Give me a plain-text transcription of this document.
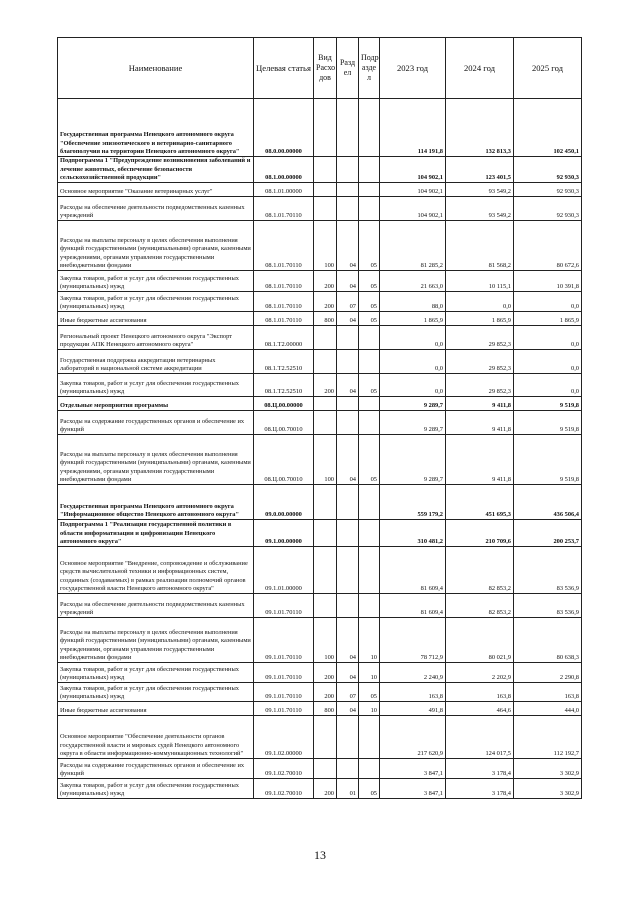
Наименование	Целевая статья	Вид Расхо дов	Разд ел	Подр азде л	2023 год	2024 год	2025 год
Государственная программа Ненецкого автономного округа "Обеспечение эпизоотического и ветеринарно-санитарного благополучия на территории Ненецкого автономного округа"	08.0.00.00000				114 191,8	132 813,3	102 450,1
Подпрограмма 1 "Предупреждение возникновения заболеваний и лечение животных, обеспечение безопасности сельскохозяйственной продукции"	08.1.00.00000				104 902,1	123 401,5	92 930,3
Основное мероприятие "Оказание ветеринарных услуг"	08.1.01.00000				104 902,1	93 549,2	92 930,3
Расходы на обеспечение деятельности подведомственных казенных учреждений	08.1.01.70110				104 902,1	93 549,2	92 930,3
Расходы на выплаты персоналу в целях обеспечения выполнения функций государственными (муниципальными) органами, казенными учреждениями, органами управления государственными внебюджетными фондами	08.1.01.70110	100	04	05	81 285,2	81 568,2	80 672,6
Закупка товаров, работ и услуг для обеспечения государственных (муниципальных) нужд	08.1.01.70110	200	04	05	21 663,0	10 115,1	10 391,8
Закупка товаров, работ и услуг для обеспечения государственных (муниципальных) нужд	08.1.01.70110	200	07	05	88,0	0,0	0,0
Иные бюджетные ассигнования	08.1.01.70110	800	04	05	1 865,9	1 865,9	1 865,9
Региональный проект Ненецкого автономного округа "Экспорт продукции АПК Ненецкого автономного округа"	08.1.Т2.00000				0,0	29 852,3	0,0
Государственная поддержка аккредитации ветеринарных лабораторий в национальной системе аккредитации	08.1.Т2.52510				0,0	29 852,3	0,0
Закупка товаров, работ и услуг для обеспечения государственных (муниципальных) нужд	08.1.Т2.52510	200	04	05	0,0	29 852,3	0,0
Отдельные мероприятия программы	08.Ц.00.00000				9 289,7	9 411,8	9 519,8
Расходы на содержание государственных органов и обеспечение их функций	08.Ц.00.70010				9 289,7	9 411,8	9 519,8
Расходы на выплаты персоналу в целях обеспечения выполнения функций государственными (муниципальными) органами, казенными учреждениями, органами управления государственными внебюджетными фондами	08.Ц.00.70010	100	04	05	9 289,7	9 411,8	9 519,8
Государственная программа Ненецкого автономного округа "Информационное общество Ненецкого автономного округа"	09.0.00.00000				559 179,2	451 695,3	436 506,4
Подпрограмма 1 "Реализация государственной политики в области информатизации и цифровизации Ненецкого автономного округа"	09.1.00.00000				310 481,2	210 709,6	200 253,7
Основное мероприятие "Внедрение, сопровождение и обслуживание средств вычислительной техники и информационных систем, созданных (создаваемых) в рамках реализации полномочий органов государственной власти Ненецкого автономного округа"	09.1.01.00000				81 609,4	82 853,2	83 536,9
Расходы на обеспечение деятельности подведомственных казенных учреждений	09.1.01.70110				81 609,4	82 853,2	83 536,9
Расходы на выплаты персоналу в целях обеспечения выполнения функций государственными (муниципальными) органами, казенными учреждениями, органами управления государственными внебюджетными фондами	09.1.01.70110	100	04	10	78 712,9	80 021,9	80 638,3
Закупка товаров, работ и услуг для обеспечения государственных (муниципальных) нужд	09.1.01.70110	200	04	10	2 240,9	2 202,9	2 290,8
Закупка товаров, работ и услуг для обеспечения государственных (муниципальных) нужд	09.1.01.70110	200	07	05	163,8	163,8	163,8
Иные бюджетные ассигнования	09.1.01.70110	800	04	10	491,8	464,6	444,0
Основное мероприятие "Обеспечение деятельности органов государственной власти и мировых судей Ненецкого автономного округа в области информационно-коммуникационных технологий"	09.1.02.00000				217 620,9	124 017,5	112 192,7
Расходы на содержание государственных органов и обеспечение их функций	09.1.02.70010				3 847,1	3 178,4	3 302,9
Закупка товаров, работ и услуг для обеспечения государственных (муниципальных) нужд	09.1.02.70010	200	01	05	3 847,1	3 178,4	3 302,9
13
